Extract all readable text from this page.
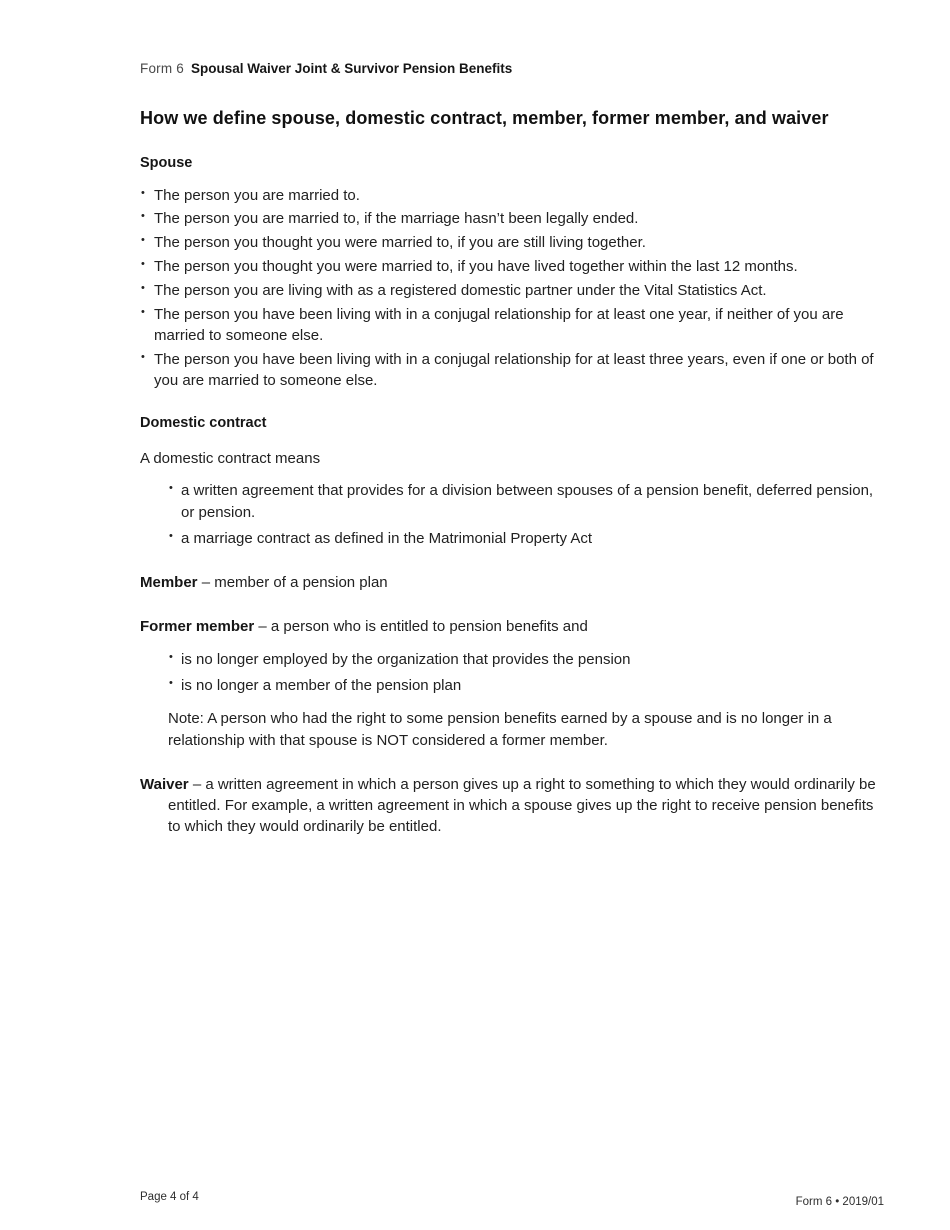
Form 6 Spousal Waiver Joint & Survivor Pension Benefits
How we define spouse, domestic contract, member, former member, and waiver
Spouse
• The person you are married to.
• The person you are married to, if the marriage hasn’t been legally ended.
• The person you thought you were married to, if you are still living together.
• The person you thought you were married to, if you have lived together within the last 12 months.
• The person you are living with as a registered domestic partner under the Vital Statistics Act.
• The person you have been living with in a conjugal relationship for at least one year, if neither of you are married to someone else.
• The person you have been living with in a conjugal relationship for at least three years, even if one or both of you are married to someone else.
Domestic contract

A domestic contract means

• a written agreement that provides for a division between spouses of a pension benefit, deferred pension, or pension.
• a marriage contract as defined in the Matrimonial Property Act

Member – member of a pension plan

Former member – a person who is entitled to pension benefits and

• is no longer employed by the organization that provides the pension
• is no longer a member of the pension plan

Note: A person who had the right to some pension benefits earned by a spouse and is no longer in a relationship with that spouse is NOT considered a former member.

Waiver – a written agreement in which a person gives up a right to something to which they would ordinarily be entitled. For example, a written agreement in which a spouse gives up the right to receive pension benefits to which they would ordinarily be entitled.

Page 4 of 4	Form 6 • 2019/01
